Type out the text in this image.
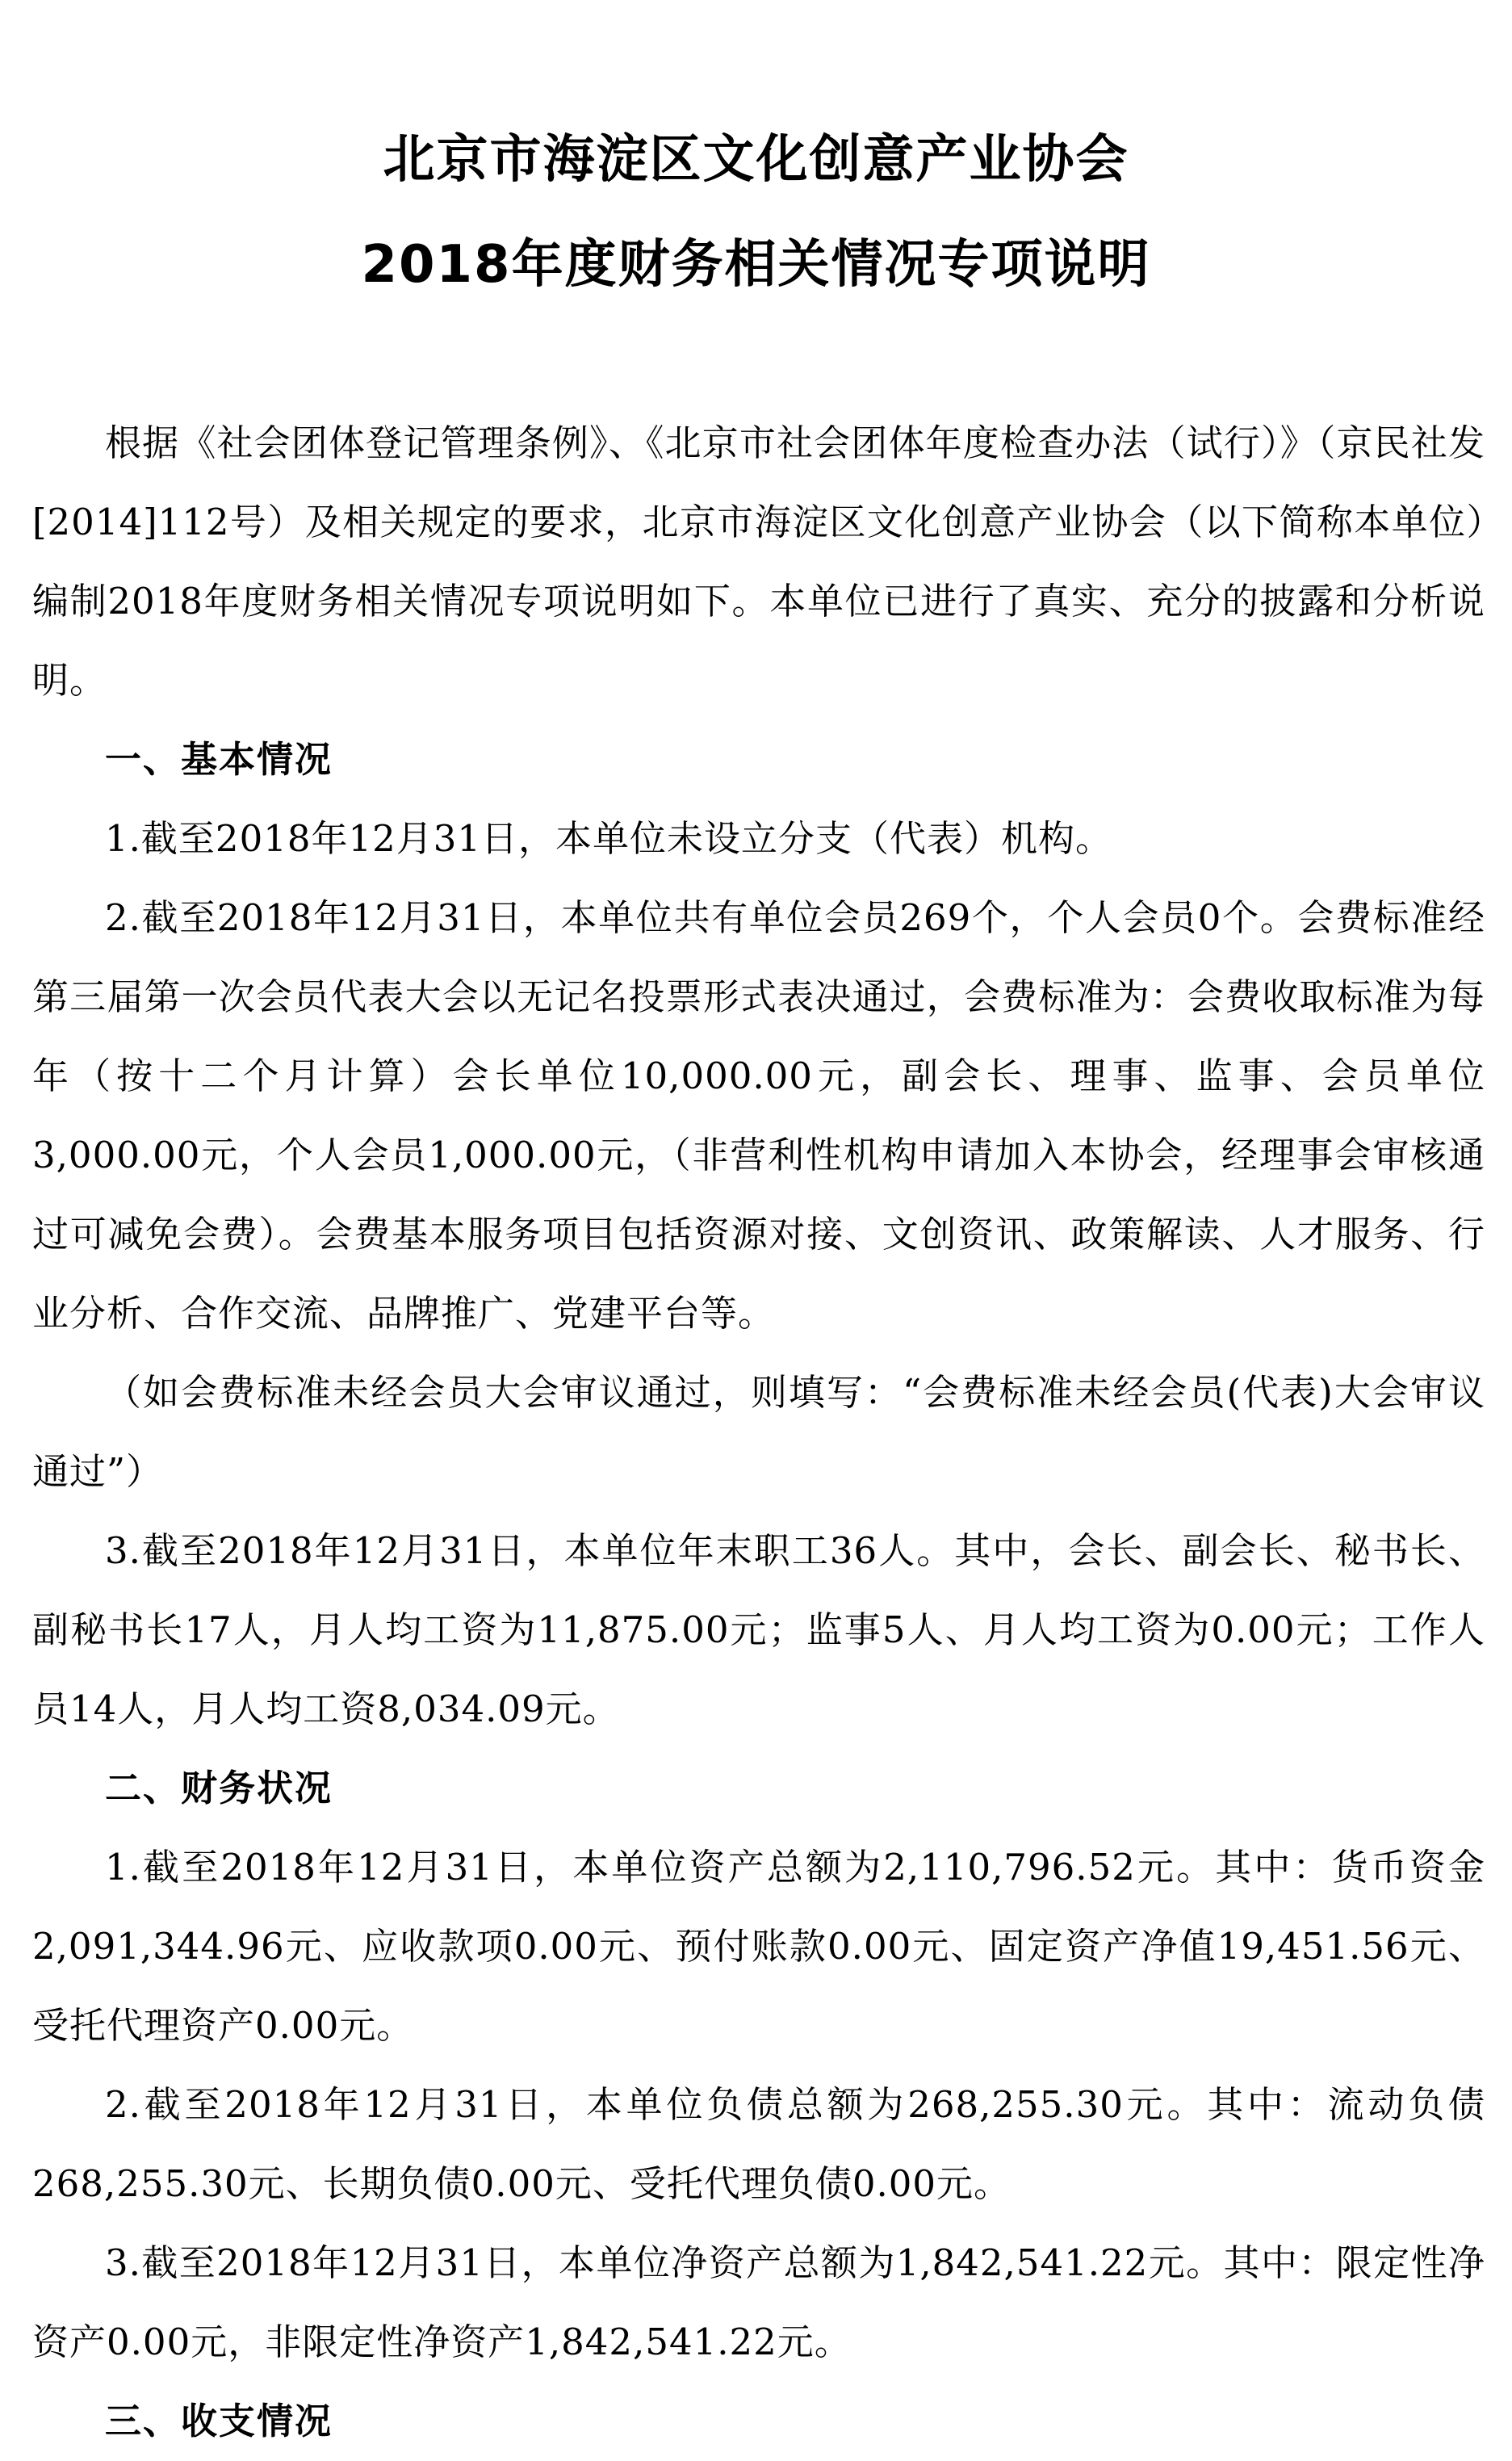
北京市海淀区文化创意产业协会
2018年度财务相关情况专项说明

根据《社会团体登记管理条例》、《北京市社会团体年度检查办法（试行）》（京民社发[2014]112号）及相关规定的要求，北京市海淀区文化创意产业协会（以下简称本单位）编制2018年度财务相关情况专项说明如下。本单位已进行了真实、充分的披露和分析说明。

一、基本情况

1.截至2018年12月31日，本单位未设立分支（代表）机构。

2.截至2018年12月31日，本单位共有单位会员269个，个人会员0个。会费标准经第三届第一次会员代表大会以无记名投票形式表决通过，会费标准为：会费收取标准为每年（按十二个月计算）会长单位10,000.00元，副会长、理事、监事、会员单位3,000.00元，个人会员1,000.00元，（非营利性机构申请加入本协会，经理事会审核通过可减免会费）。会费基本服务项目包括资源对接、文创资讯、政策解读、人才服务、行业分析、合作交流、品牌推广、党建平台等。

（如会费标准未经会员大会审议通过，则填写：“会费标准未经会员(代表)大会审议通过”）

3.截至2018年12月31日，本单位年末职工36人。其中，会长、副会长、秘书长、副秘书长17人，月人均工资为11,875.00元；监事5人、月人均工资为0.00元；工作人员14人，月人均工资8,034.09元。

二、财务状况

1.截至2018年12月31日，本单位资产总额为2,110,796.52元。其中：货币资金2,091,344.96元、应收款项0.00元、预付账款0.00元、固定资产净值19,451.56元、受托代理资产0.00元。

2.截至2018年12月31日，本单位负债总额为268,255.30元。其中：流动负债268,255.30元、长期负债0.00元、受托代理负债0.00元。

3.截至2018年12月31日，本单位净资产总额为1,842,541.22元。其中：限定性净资产0.00元，非限定性净资产1,842,541.22元。

三、收支情况
